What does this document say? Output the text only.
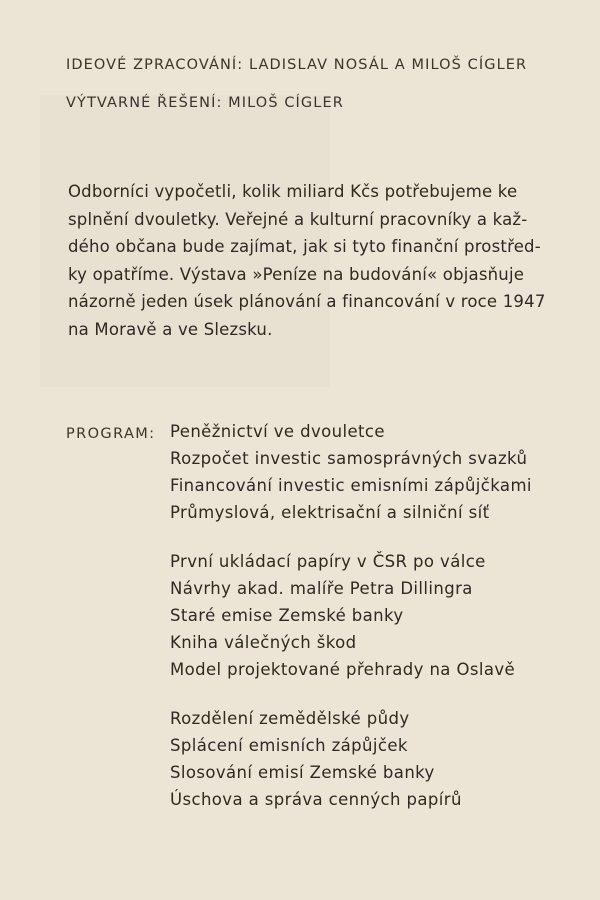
IDEOVÉ ZPRACOVÁNÍ: LADISLAV NOSÁL A MILOŠ CÍGLER
VÝTVARNÉ ŘEŠENÍ: MILOŠ CÍGLER
Odborníci vypočetli, kolik miliard Kčs potřebujeme ke
splnění dvouletky. Veřejné a kulturní pracovníky a kaž-
dého občana bude zajímat, jak si tyto finanční prostřed-
ky opatříme. Výstava »Peníze na budování« objasňuje
názorně jeden úsek plánování a financování v roce 1947
na Moravě a ve Slezsku.
PROGRAM: Peněžnictví ve dvouletce
Rozpočet investic samosprávných svazků
Financování investic emisními zápůjčkami
Průmyslová, elektrisační a silniční síť
První ukládací papíry v ČSR po válce
Návrhy akad. malíře Petra Dillingra
Staré emise Zemské banky
Kniha válečných škod
Model projektované přehrady na Oslavě
Rozdělení zemědělské půdy
Splácení emisních zápůjček
Slosování emisí Zemské banky
Úschova a správa cenných papírů
